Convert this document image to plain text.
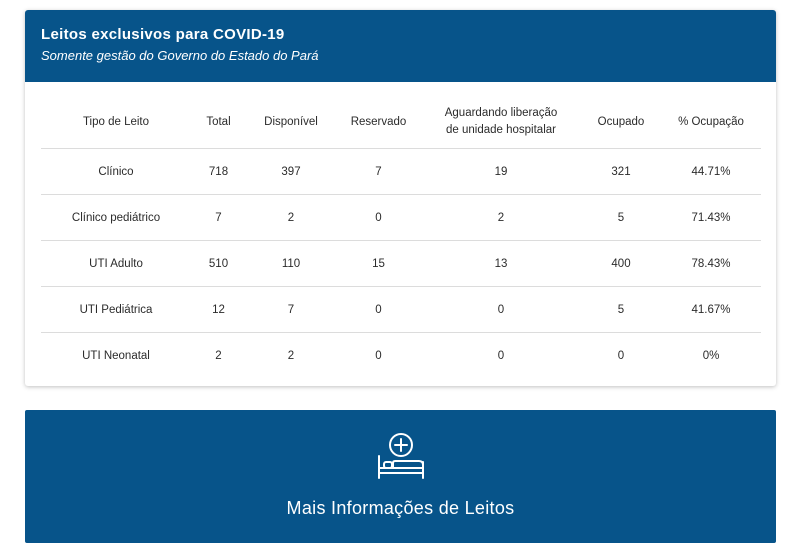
Leitos exclusivos para COVID-19
Somente gestão do Governo do Estado do Pará
Tipo de Leito	Total	Disponível	Reservado	Aguardando liberação
de unidade hospitalar	Ocupado	% Ocupação
Clínico	718	397	7	19	321	44.71%
Clínico pediátrico	7	2	0	2	5	71.43%
UTI Adulto	510	110	15	13	400	78.43%
UTI Pediátrica	12	7	0	0	5	41.67%
UTI Neonatal	2	2	0	0	0	0%
Mais Informações de Leitos
